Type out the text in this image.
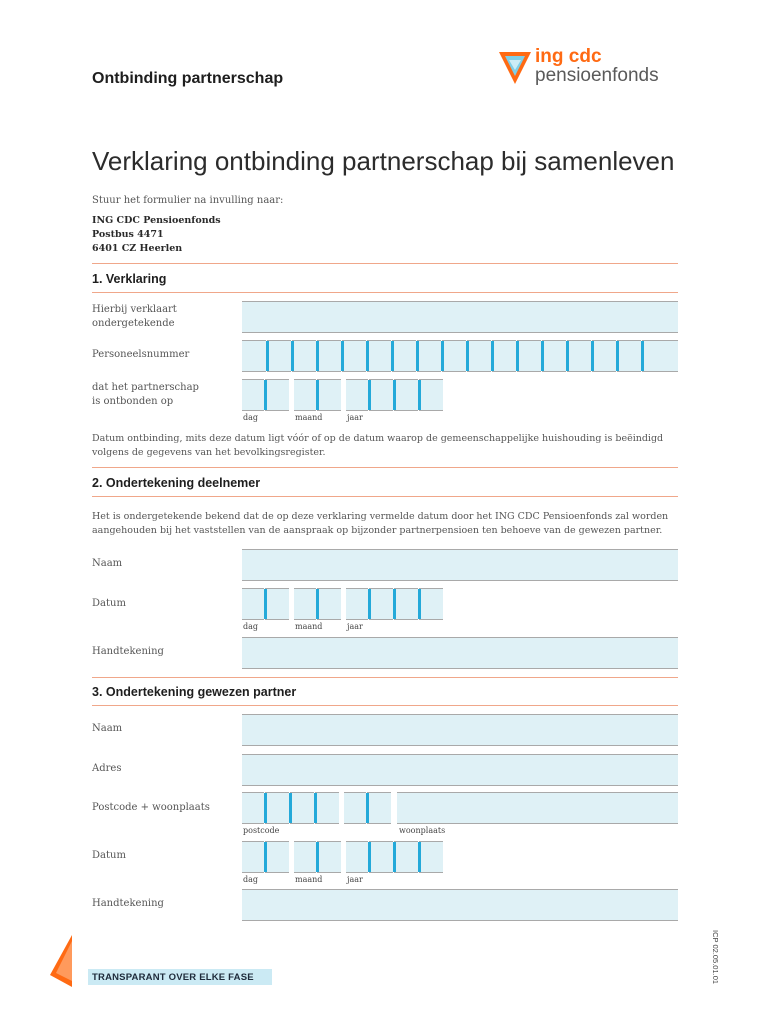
Ontbinding partnerschap
ing cdc
pensioenfonds
Verklaring ontbinding partnerschap bij samenleven
Stuur het formulier na invulling naar:
ING CDC Pensioenfonds
Postbus 4471
6401 CZ Heerlen
1. Verklaring
Hierbij verklaart
ondergetekende
Personeelsnummer
dat het partnerschap
is ontbonden op
dag	maand	jaar
Datum ontbinding, mits deze datum ligt vóór of op de datum waarop de gemeenschappelijke huishouding is beëindigd volgens de gegevens van het bevolkingsregister.
2. Ondertekening deelnemer
Het is ondergetekende bekend dat de op deze verklaring vermelde datum door het ING CDC Pensioenfonds zal worden aangehouden bij het vaststellen van de aanspraak op bijzonder partnerpensioen ten behoeve van de gewezen partner.
Naam
Datum
dag	maand	jaar
Handtekening
3. Ondertekening gewezen partner
Naam
Adres
Postcode + woonplaats
postcode	woonplaats
Datum
dag	maand	jaar
Handtekening
TRANSPARANT OVER ELKE FASE	ICP 02.05.01.01
